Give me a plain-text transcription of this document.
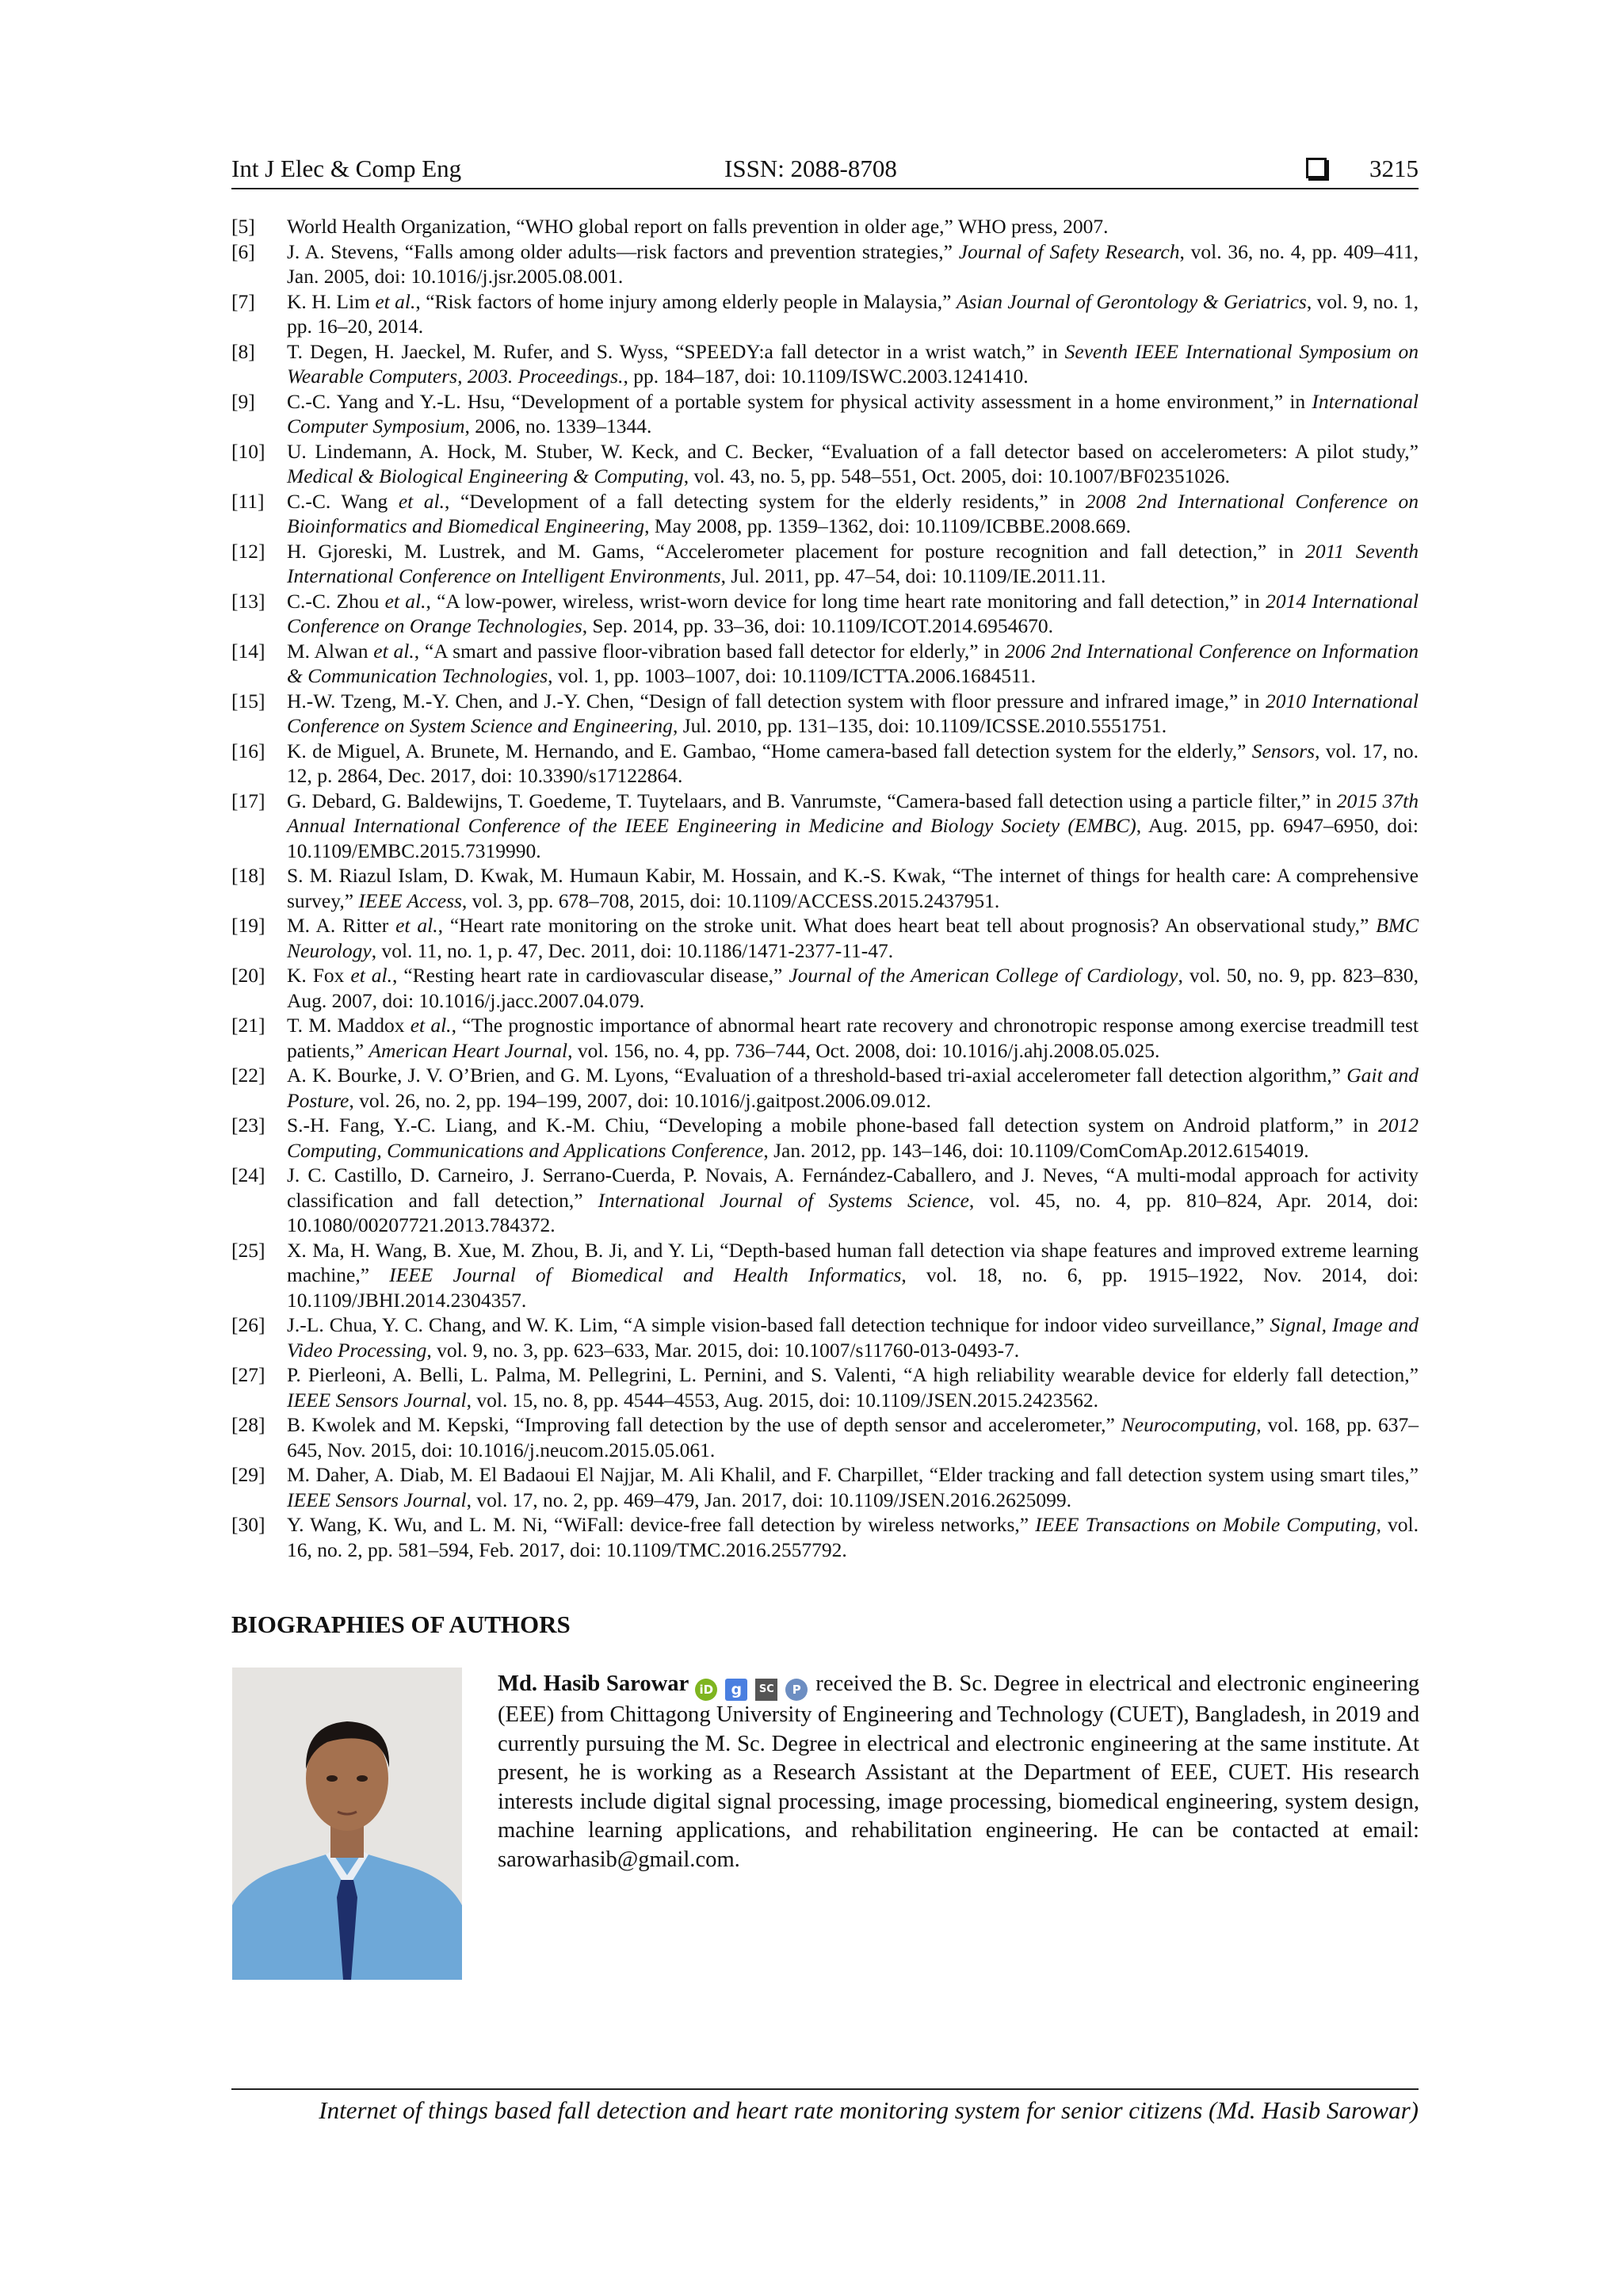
Int J Elec & Comp Eng	ISSN: 2088-8708	3215
[5]	World Health Organization, “WHO global report on falls prevention in older age,” WHO press, 2007.
[6]	J. A. Stevens, “Falls among older adults—risk factors and prevention strategies,” Journal of Safety Research, vol. 36, no. 4, pp. 409–411, Jan. 2005, doi: 10.1016/j.jsr.2005.08.001.
[7]	K. H. Lim et al., “Risk factors of home injury among elderly people in Malaysia,” Asian Journal of Gerontology & Geriatrics, vol. 9, no. 1, pp. 16–20, 2014.
[8]	T. Degen, H. Jaeckel, M. Rufer, and S. Wyss, “SPEEDY:a fall detector in a wrist watch,” in Seventh IEEE International Symposium on Wearable Computers, 2003. Proceedings., pp. 184–187, doi: 10.1109/ISWC.2003.1241410.
[9]	C.-C. Yang and Y.-L. Hsu, “Development of a portable system for physical activity assessment in a home environment,” in International Computer Symposium, 2006, no. 1339–1344.
[10]	U. Lindemann, A. Hock, M. Stuber, W. Keck, and C. Becker, “Evaluation of a fall detector based on accelerometers: A pilot study,” Medical & Biological Engineering & Computing, vol. 43, no. 5, pp. 548–551, Oct. 2005, doi: 10.1007/BF02351026.
[11]	C.-C. Wang et al., “Development of a fall detecting system for the elderly residents,” in 2008 2nd International Conference on Bioinformatics and Biomedical Engineering, May 2008, pp. 1359–1362, doi: 10.1109/ICBBE.2008.669.
[12]	H. Gjoreski, M. Lustrek, and M. Gams, “Accelerometer placement for posture recognition and fall detection,” in 2011 Seventh International Conference on Intelligent Environments, Jul. 2011, pp. 47–54, doi: 10.1109/IE.2011.11.
[13]	C.-C. Zhou et al., “A low-power, wireless, wrist-worn device for long time heart rate monitoring and fall detection,” in 2014 International Conference on Orange Technologies, Sep. 2014, pp. 33–36, doi: 10.1109/ICOT.2014.6954670.
[14]	M. Alwan et al., “A smart and passive floor-vibration based fall detector for elderly,” in 2006 2nd International Conference on Information & Communication Technologies, vol. 1, pp. 1003–1007, doi: 10.1109/ICTTA.2006.1684511.
[15]	H.-W. Tzeng, M.-Y. Chen, and J.-Y. Chen, “Design of fall detection system with floor pressure and infrared image,” in 2010 International Conference on System Science and Engineering, Jul. 2010, pp. 131–135, doi: 10.1109/ICSSE.2010.5551751.
[16]	K. de Miguel, A. Brunete, M. Hernando, and E. Gambao, “Home camera-based fall detection system for the elderly,” Sensors, vol. 17, no. 12, p. 2864, Dec. 2017, doi: 10.3390/s17122864.
[17]	G. Debard, G. Baldewijns, T. Goedeme, T. Tuytelaars, and B. Vanrumste, “Camera-based fall detection using a particle filter,” in 2015 37th Annual International Conference of the IEEE Engineering in Medicine and Biology Society (EMBC), Aug. 2015, pp. 6947–6950, doi: 10.1109/EMBC.2015.7319990.
[18]	S. M. Riazul Islam, D. Kwak, M. Humaun Kabir, M. Hossain, and K.-S. Kwak, “The internet of things for health care: A comprehensive survey,” IEEE Access, vol. 3, pp. 678–708, 2015, doi: 10.1109/ACCESS.2015.2437951.
[19]	M. A. Ritter et al., “Heart rate monitoring on the stroke unit. What does heart beat tell about prognosis? An observational study,” BMC Neurology, vol. 11, no. 1, p. 47, Dec. 2011, doi: 10.1186/1471-2377-11-47.
[20]	K. Fox et al., “Resting heart rate in cardiovascular disease,” Journal of the American College of Cardiology, vol. 50, no. 9, pp. 823–830, Aug. 2007, doi: 10.1016/j.jacc.2007.04.079.
[21]	T. M. Maddox et al., “The prognostic importance of abnormal heart rate recovery and chronotropic response among exercise treadmill test patients,” American Heart Journal, vol. 156, no. 4, pp. 736–744, Oct. 2008, doi: 10.1016/j.ahj.2008.05.025.
[22]	A. K. Bourke, J. V. O’Brien, and G. M. Lyons, “Evaluation of a threshold-based tri-axial accelerometer fall detection algorithm,” Gait and Posture, vol. 26, no. 2, pp. 194–199, 2007, doi: 10.1016/j.gaitpost.2006.09.012.
[23]	S.-H. Fang, Y.-C. Liang, and K.-M. Chiu, “Developing a mobile phone-based fall detection system on Android platform,” in 2012 Computing, Communications and Applications Conference, Jan. 2012, pp. 143–146, doi: 10.1109/ComComAp.2012.6154019.
[24]	J. C. Castillo, D. Carneiro, J. Serrano-Cuerda, P. Novais, A. Fernández-Caballero, and J. Neves, “A multi-modal approach for activity classification and fall detection,” International Journal of Systems Science, vol. 45, no. 4, pp. 810–824, Apr. 2014, doi: 10.1080/00207721.2013.784372.
[25]	X. Ma, H. Wang, B. Xue, M. Zhou, B. Ji, and Y. Li, “Depth-based human fall detection via shape features and improved extreme learning machine,” IEEE Journal of Biomedical and Health Informatics, vol. 18, no. 6, pp. 1915–1922, Nov. 2014, doi: 10.1109/JBHI.2014.2304357.
[26]	J.-L. Chua, Y. C. Chang, and W. K. Lim, “A simple vision-based fall detection technique for indoor video surveillance,” Signal, Image and Video Processing, vol. 9, no. 3, pp. 623–633, Mar. 2015, doi: 10.1007/s11760-013-0493-7.
[27]	P. Pierleoni, A. Belli, L. Palma, M. Pellegrini, L. Pernini, and S. Valenti, “A high reliability wearable device for elderly fall detection,” IEEE Sensors Journal, vol. 15, no. 8, pp. 4544–4553, Aug. 2015, doi: 10.1109/JSEN.2015.2423562.
[28]	B. Kwolek and M. Kepski, “Improving fall detection by the use of depth sensor and accelerometer,” Neurocomputing, vol. 168, pp. 637–645, Nov. 2015, doi: 10.1016/j.neucom.2015.05.061.
[29]	M. Daher, A. Diab, M. El Badaoui El Najjar, M. Ali Khalil, and F. Charpillet, “Elder tracking and fall detection system using smart tiles,” IEEE Sensors Journal, vol. 17, no. 2, pp. 469–479, Jan. 2017, doi: 10.1109/JSEN.2016.2625099.
[30]	Y. Wang, K. Wu, and L. M. Ni, “WiFall: device-free fall detection by wireless networks,” IEEE Transactions on Mobile Computing, vol. 16, no. 2, pp. 581–594, Feb. 2017, doi: 10.1109/TMC.2016.2557792.
BIOGRAPHIES OF AUTHORS
Md. Hasib Sarowar iD	g	SC	P received the B. Sc. Degree in electrical and electronic engineering (EEE) from Chittagong University of Engineering and Technology (CUET), Bangladesh, in 2019 and currently pursuing the M. Sc. Degree in electrical and electronic engineering at the same institute. At present, he is working as a Research Assistant at the Department of EEE, CUET. His research interests include digital signal processing, image processing, biomedical engineering, system design, machine learning applications, and rehabilitation engineering. He can be contacted at email: sarowarhasib@gmail.com.
Internet of things based fall detection and heart rate monitoring system for senior citizens (Md. Hasib Sarowar)
